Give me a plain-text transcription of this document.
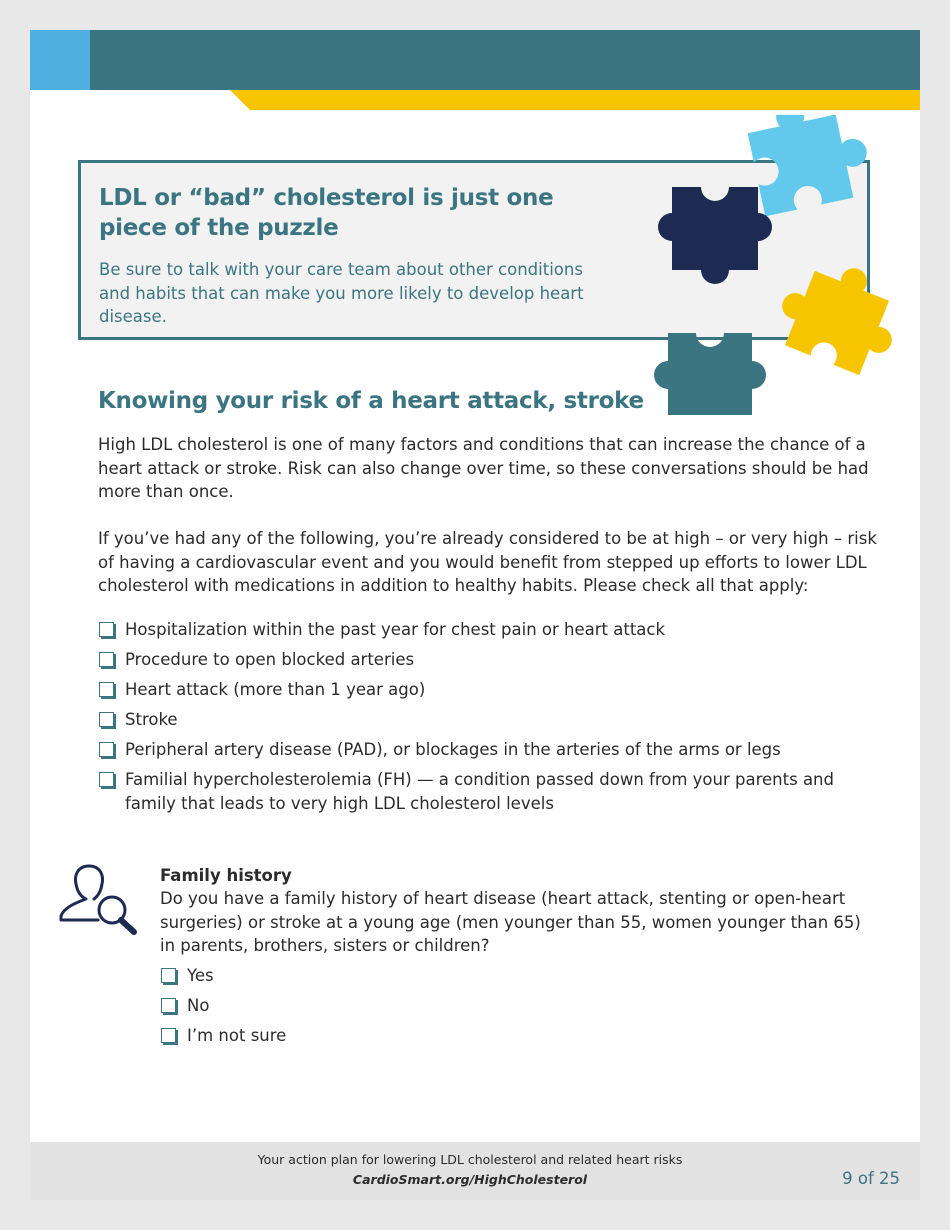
LDL or “bad” cholesterol is just one piece of the puzzle

Be sure to talk with your care team about other conditions and habits that can make you more likely to develop heart disease.

Knowing your risk of a heart attack, stroke

High LDL cholesterol is one of many factors and conditions that can increase the chance of a heart attack or stroke. Risk can also change over time, so these conversations should be had more than once.

If you’ve had any of the following, you’re already considered to be at high – or very high – risk of having a cardiovascular event and you would benefit from stepped up efforts to lower LDL cholesterol with medications in addition to healthy habits. Please check all that apply:

Hospitalization within the past year for chest pain or heart attack
Procedure to open blocked arteries
Heart attack (more than 1 year ago)
Stroke
Peripheral artery disease (PAD), or blockages in the arteries of the arms or legs
Familial hypercholesterolemia (FH) — a condition passed down from your parents and family that leads to very high LDL cholesterol levels

Family history

Do you have a family history of heart disease (heart attack, stenting or open-heart surgeries) or stroke at a young age (men younger than 55, women younger than 65) in parents, brothers, sisters or children?

Yes
No
I’m not sure
Your action plan for lowering LDL cholesterol and related heart risks
CardioSmart.org/HighCholesterol	9 of 25
